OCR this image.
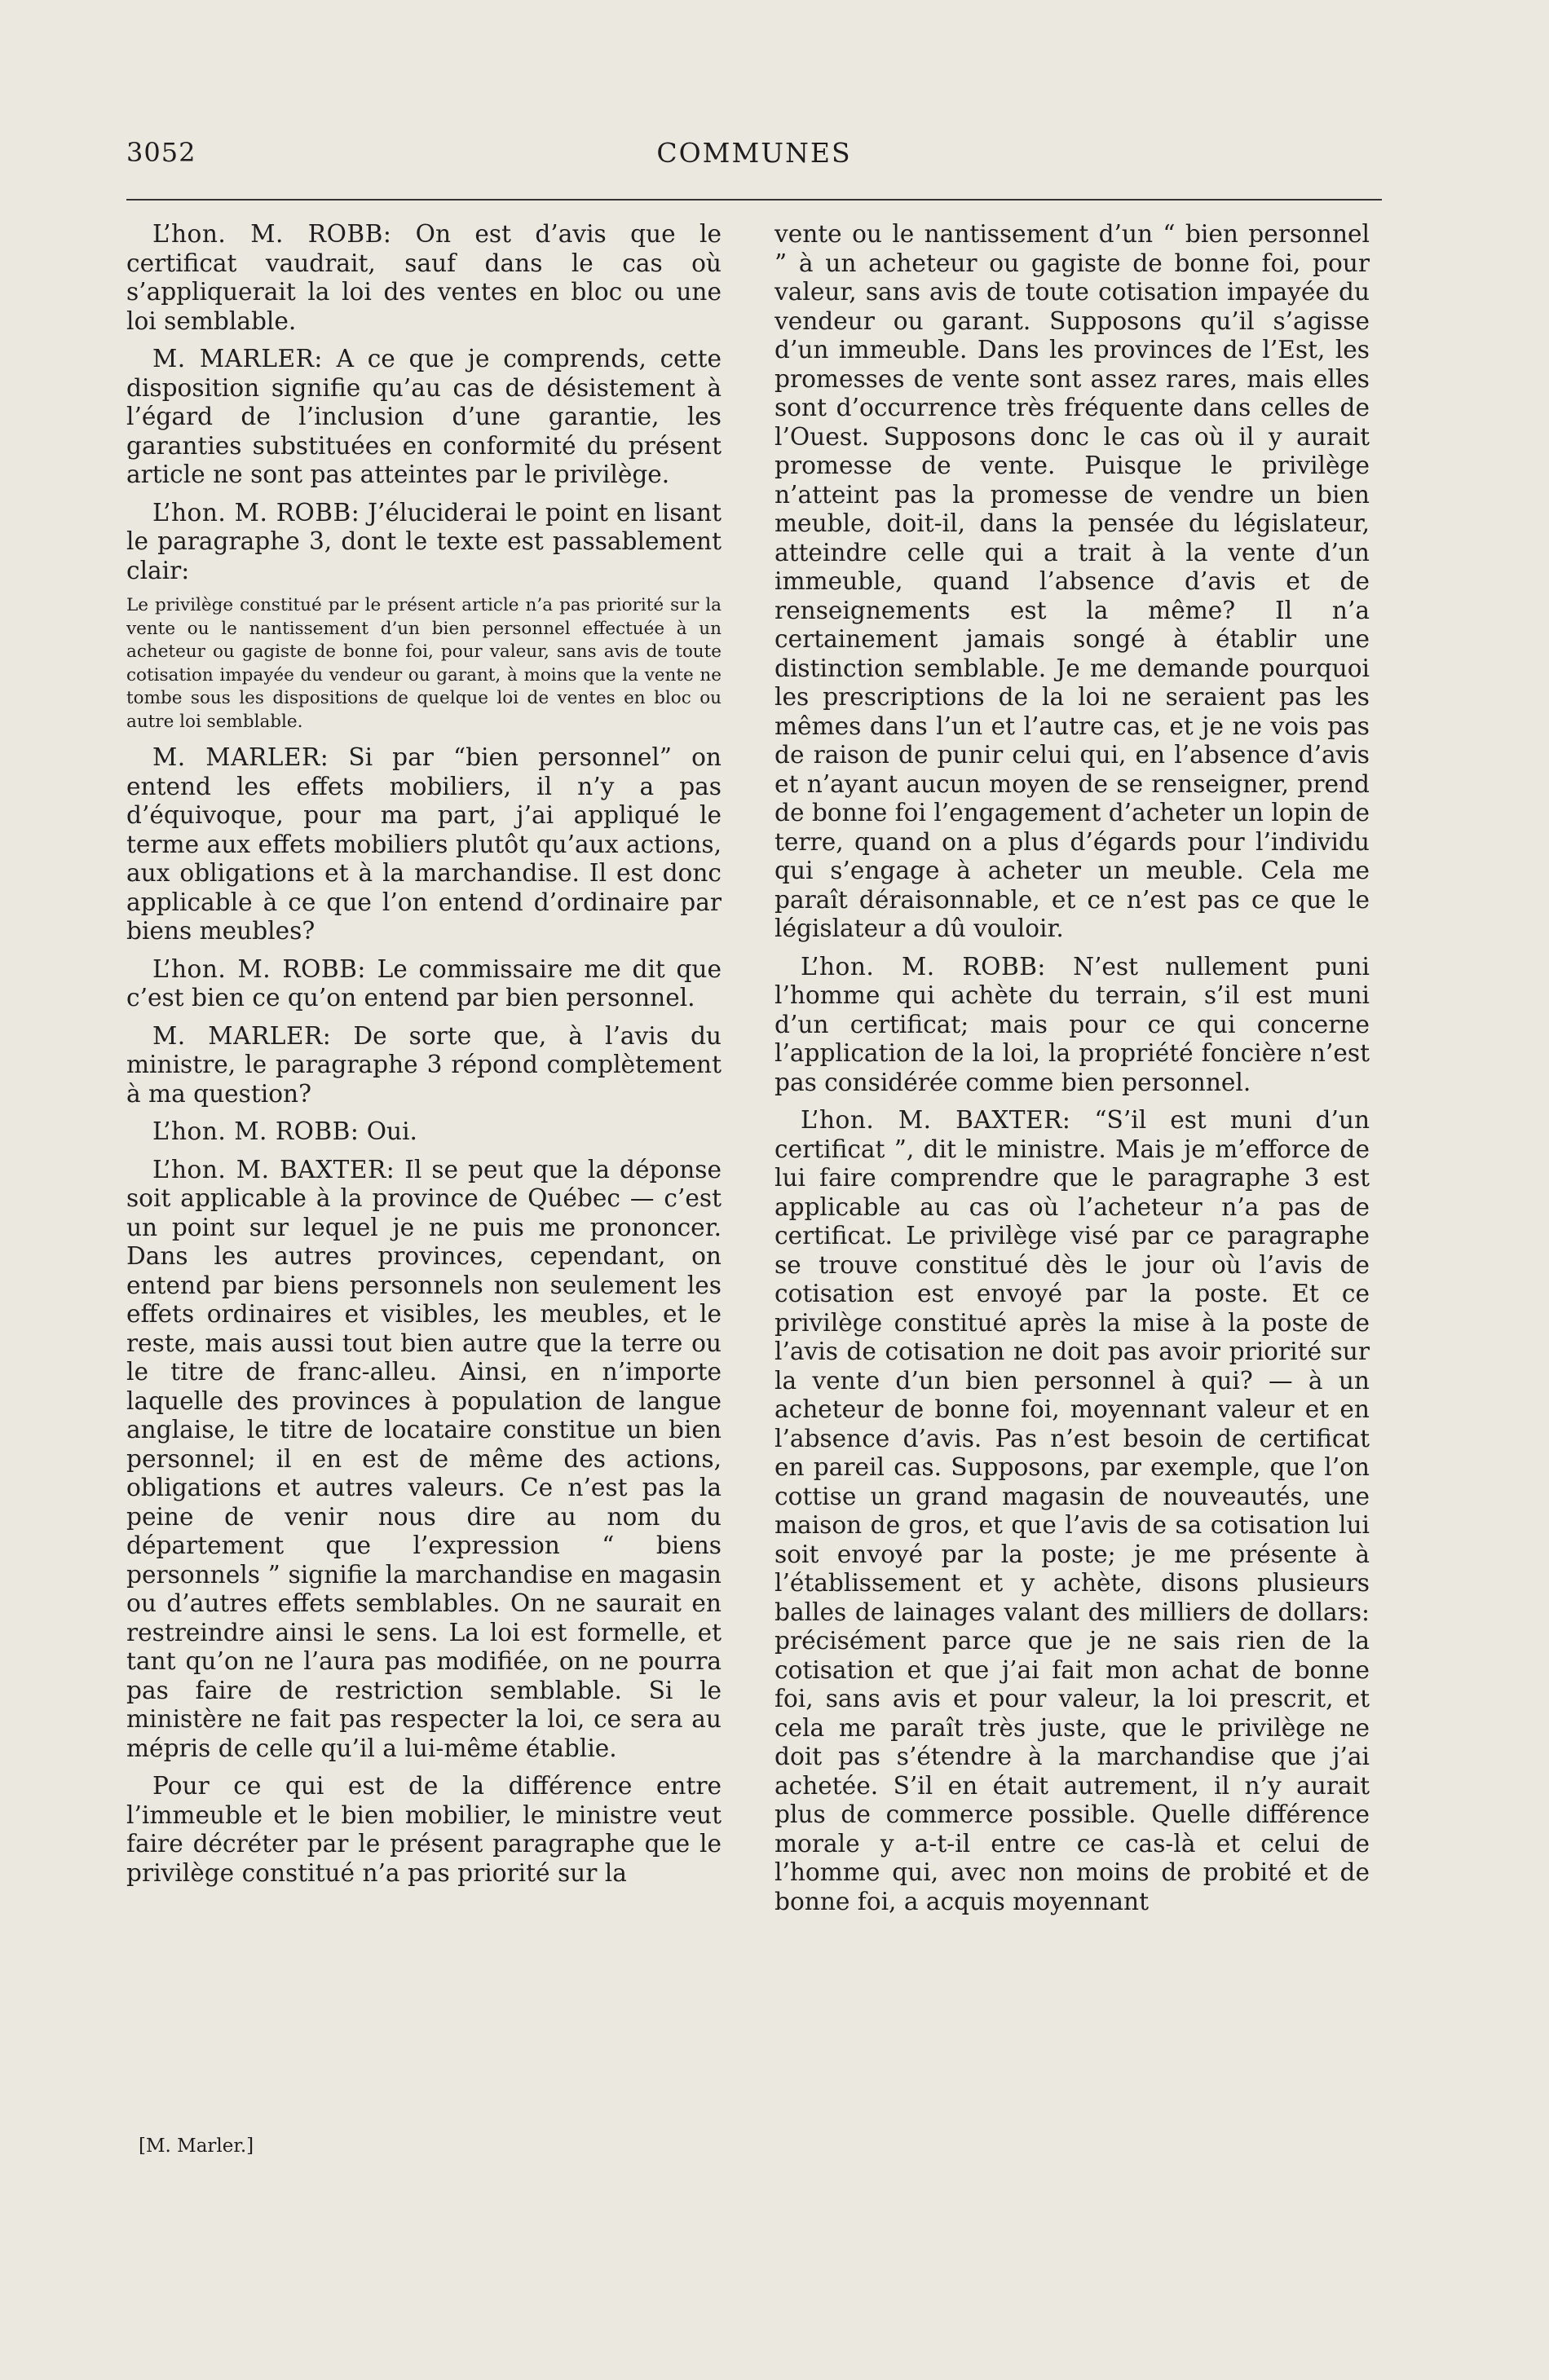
3052	COMMUNES

L’hon. M. ROBB: On est d’avis que le certificat vaudrait, sauf dans le cas où s’appliquerait la loi des ventes en bloc ou une loi semblable.

M. MARLER: A ce que je comprends, cette disposition signifie qu’au cas de désistement à l’égard de l’inclusion d’une garantie, les garanties substituées en conformité du présent article ne sont pas atteintes par le privilège.

L’hon. M. ROBB: J’éluciderai le point en lisant le paragraphe 3, dont le texte est passablement clair:

Le privilège constitué par le présent article n’a pas priorité sur la vente ou le nantissement d’un bien personnel effectuée à un acheteur ou gagiste de bonne foi, pour valeur, sans avis de toute cotisation impayée du vendeur ou garant, à moins que la vente ne tombe sous les dispositions de quelque loi de ventes en bloc ou autre loi semblable.

M. MARLER: Si par “bien personnel” on entend les effets mobiliers, il n’y a pas d’équivoque, pour ma part, j’ai appliqué le terme aux effets mobiliers plutôt qu’aux actions, aux obligations et à la marchandise. Il est donc applicable à ce que l’on entend d’ordinaire par biens meubles?

L’hon. M. ROBB: Le commissaire me dit que c’est bien ce qu’on entend par bien personnel.

M. MARLER: De sorte que, à l’avis du ministre, le paragraphe 3 répond complètement à ma question?

L’hon. M. ROBB: Oui.

L’hon. M. BAXTER: Il se peut que la déponse soit applicable à la province de Québec — c’est un point sur lequel je ne puis me prononcer. Dans les autres provinces, cependant, on entend par biens personnels non seulement les effets ordinaires et visibles, les meubles, et le reste, mais aussi tout bien autre que la terre ou le titre de franc-alleu. Ainsi, en n’importe laquelle des provinces à population de langue anglaise, le titre de locataire constitue un bien personnel; il en est de même des actions, obligations et autres valeurs. Ce n’est pas la peine de venir nous dire au nom du département que l’expression “ biens personnels ” signifie la marchandise en magasin ou d’autres effets semblables. On ne saurait en restreindre ainsi le sens. La loi est formelle, et tant qu’on ne l’aura pas modifiée, on ne pourra pas faire de restriction semblable. Si le ministère ne fait pas respecter la loi, ce sera au mépris de celle qu’il a lui-même établie.

Pour ce qui est de la différence entre l’immeuble et le bien mobilier, le ministre veut faire décréter par le présent paragraphe que le privilège constitué n’a pas priorité sur la

vente ou le nantissement d’un “ bien personnel ” à un acheteur ou gagiste de bonne foi, pour valeur, sans avis de toute cotisation impayée du vendeur ou garant. Supposons qu’il s’agisse d’un immeuble. Dans les provinces de l’Est, les promesses de vente sont assez rares, mais elles sont d’occurrence très fréquente dans celles de l’Ouest. Supposons donc le cas où il y aurait promesse de vente. Puisque le privilège n’atteint pas la promesse de vendre un bien meuble, doit-il, dans la pensée du législateur, atteindre celle qui a trait à la vente d’un immeuble, quand l’absence d’avis et de renseignements est la même? Il n’a certainement jamais songé à établir une distinction semblable. Je me demande pourquoi les prescriptions de la loi ne seraient pas les mêmes dans l’un et l’autre cas, et je ne vois pas de raison de punir celui qui, en l’absence d’avis et n’ayant aucun moyen de se renseigner, prend de bonne foi l’engagement d’acheter un lopin de terre, quand on a plus d’égards pour l’individu qui s’engage à acheter un meuble. Cela me paraît déraisonnable, et ce n’est pas ce que le législateur a dû vouloir.

L’hon. M. ROBB: N’est nullement puni l’homme qui achète du terrain, s’il est muni d’un certificat; mais pour ce qui concerne l’application de la loi, la propriété foncière n’est pas considérée comme bien personnel.

L’hon. M. BAXTER: “S’il est muni d’un certificat ”, dit le ministre. Mais je m’efforce de lui faire comprendre que le paragraphe 3 est applicable au cas où l’acheteur n’a pas de certificat. Le privilège visé par ce paragraphe se trouve constitué dès le jour où l’avis de cotisation est envoyé par la poste. Et ce privilège constitué après la mise à la poste de l’avis de cotisation ne doit pas avoir priorité sur la vente d’un bien personnel à qui? — à un acheteur de bonne foi, moyennant valeur et en l’absence d’avis. Pas n’est besoin de certificat en pareil cas. Supposons, par exemple, que l’on cottise un grand magasin de nouveautés, une maison de gros, et que l’avis de sa cotisation lui soit envoyé par la poste; je me présente à l’établissement et y achète, disons plusieurs balles de lainages valant des milliers de dollars: précisément parce que je ne sais rien de la cotisation et que j’ai fait mon achat de bonne foi, sans avis et pour valeur, la loi prescrit, et cela me paraît très juste, que le privilège ne doit pas s’étendre à la marchandise que j’ai achetée. S’il en était autrement, il n’y aurait plus de commerce possible. Quelle différence morale y a-t-il entre ce cas-là et celui de l’homme qui, avec non moins de probité et de bonne foi, a acquis moyennant

[M. Marler.]
